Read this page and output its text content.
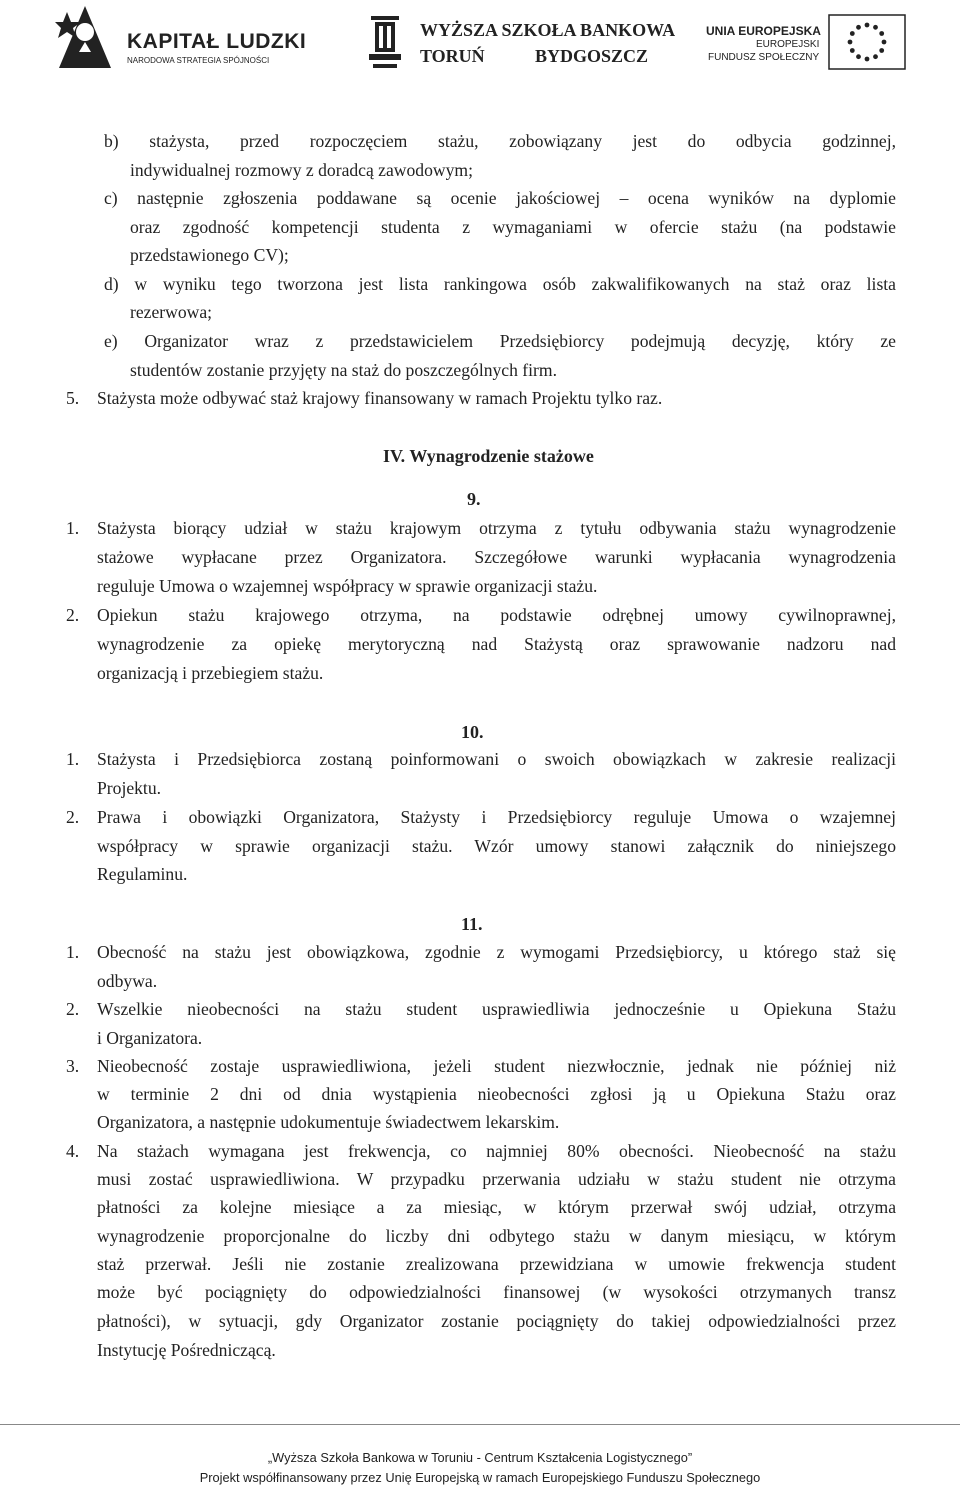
KAPITAŁ LUDZKI
NARODOWA STRATEGIA SPÓJNOŚCI
WYŻSZA SZKOŁA BANKOWA
TORUŃ	BYDGOSZCZ
UNIA EUROPEJSKA
EUROPEJSKI
FUNDUSZ SPOŁECZNY
b) stażysta, przed rozpoczęciem stażu, zobowiązany jest do odbycia godzinnej,
indywidualnej rozmowy z doradcą zawodowym;
c) następnie zgłoszenia poddawane są ocenie jakościowej – ocena wyników na dyplomie
oraz zgodność kompetencji studenta z wymaganiami w ofercie stażu (na podstawie
przedstawionego CV);
d) w wyniku tego tworzona jest lista rankingowa osób zakwalifikowanych na staż oraz lista
rezerwowa;
e) Organizator wraz z przedstawicielem Przedsiębiorcy podejmują decyzję, który ze
studentów zostanie przyjęty na staż do poszczególnych firm.
5. Stażysta może odbywać staż krajowy finansowany w ramach Projektu tylko raz.
1. Stażysta biorący udział w stażu krajowym otrzyma z tytułu odbywania stażu wynagrodzenie
stażowe wypłacane przez Organizatora. Szczegółowe warunki wypłacania wynagrodzenia
reguluje Umowa o wzajemnej współpracy w sprawie organizacji stażu.
2. Opiekun stażu krajowego otrzyma, na podstawie odrębnej umowy cywilnoprawnej,
wynagrodzenie za opiekę merytoryczną nad Stażystą oraz sprawowanie nadzoru nad
organizacją i przebiegiem stażu.
1. Stażysta i Przedsiębiorca zostaną poinformowani o swoich obowiązkach w zakresie realizacji
Projektu.
2. Prawa i obowiązki Organizatora, Stażysty i Przedsiębiorcy reguluje Umowa o wzajemnej
współpracy w sprawie organizacji stażu. Wzór umowy stanowi załącznik do niniejszego
Regulaminu.
1. Obecność na stażu jest obowiązkowa, zgodnie z wymogami Przedsiębiorcy, u którego staż się
odbywa.
2. Wszelkie nieobecności na stażu student usprawiedliwia jednocześnie u Opiekuna Stażu
i Organizatora.
3. Nieobecność zostaje usprawiedliwiona, jeżeli student niezwłocznie, jednak nie później niż
w terminie 2 dni od dnia wystąpienia nieobecności zgłosi ją u Opiekuna Stażu oraz
Organizatora, a następnie udokumentuje świadectwem lekarskim.
4. Na stażach wymagana jest frekwencja, co najmniej 80% obecności. Nieobecność na stażu
musi zostać usprawiedliwiona. W przypadku przerwania udziału w stażu student nie otrzyma
płatności za kolejne miesiące a za miesiąc, w którym przerwał swój udział, otrzyma
wynagrodzenie proporcjonalne do liczby dni odbytego stażu w danym miesiącu, w którym
staż przerwał. Jeśli nie zostanie zrealizowana przewidziana w umowie frekwencja student
może być pociągnięty do odpowiedzialności finansowej (w wysokości otrzymanych transz
płatności), w sytuacji, gdy Organizator zostanie pociągnięty do takiej odpowiedzialności przez
Instytucję Pośredniczącą.
IV. Wynagrodzenie stażowe
9.
10.
11.
„Wyższa Szkoła Bankowa w Toruniu - Centrum Kształcenia Logistycznego”
Projekt współfinansowany przez Unię Europejską w ramach Europejskiego Funduszu Społecznego
